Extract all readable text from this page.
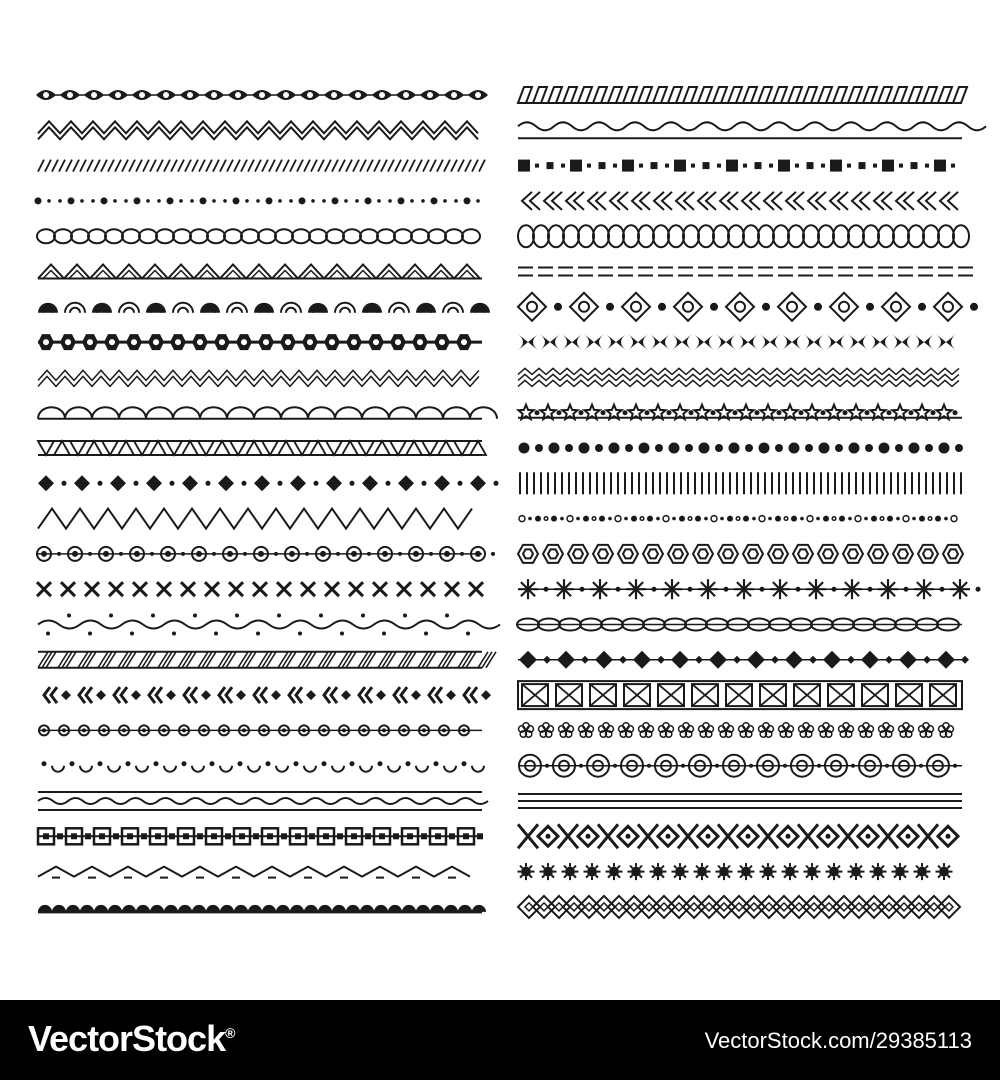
VectorStock®	VectorStock.com/29385113
